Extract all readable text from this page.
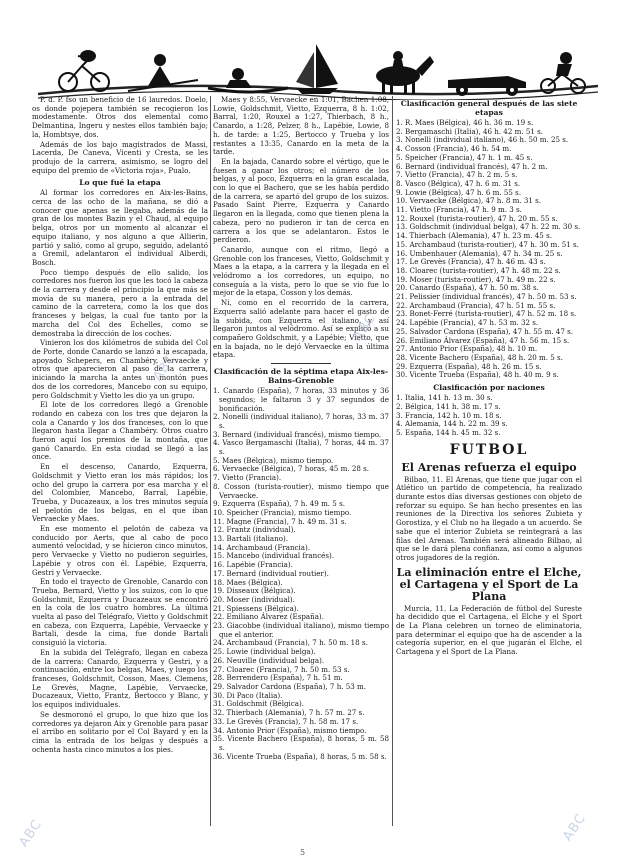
P. d. P. fso un beneficio de 16 lauredos. Doelo, os donde pojepera también se recogieron los modestamente. Otros dos elemental como Delmantina, Ingeru y nestes ellos también bajo; la, Hombtsye, dos.

Además de los bajo magistrados de Massi, Lacerda, De Caneva, Vicenti y Cresta, se les produjo de la carrera, asimismo, se logro del equipo del premio de «Victoria roja», Pualo.

Lo que fué la etapa

Al formar los corredores en Aix-les-Bains, cerca de las ocho de la mañana, se dió a conocer que apenas se llegaba, además de la gran de los montes Bazin y el Chaud, al equipo belga, otros por un momento al alcanzar el equipo italiano, y nos alguno a que Allierin, partió y salió, como al grupo, seguido, adelantó a Gremil, adelantaron el individual Alberdi, Bosch.

Poco tiempo después de ello salido, los corredores nos fueron los que les tocó la cabeza de la carrera y desde el principio la que más se movía de su manera, pero a la entrada del camino de la carretera, como la los que dos franceses y belgas, la cual fue tanto por la marcha del Col des Echelles, como se demostraba la dirección de los coches.

Vinieron los dos kilómetros de subida del Col de Porte, donde Canardo se lanzó a la escapada, apoyado Schepers, en Chambéry, Vervaecke y otros que aparecieron al paso de la carrera, iniciando la marcha la antes un montón pues dos de los corredores, Mancebo con su equipo, pero Goldschmit y Vietto les dio ya un grupo.

El lote de los corredores llegó a Grenoble rodando en cabeza con los tres que dejaron la cola a Canardo y los dos franceses, con lo que llegaron hasta llegar a Chambéry. Otros cuatro fueron aquí los premios de la montaña, que ganó Canardo. En esta ciudad se llegó a las once.

En el descenso, Canardo, Ezquerra, Goldschmit y Vietto eran los más rápidos; los ocho del grupo la carrera por esa marcha y el del Colombier, Mancebo, Barral, Lapébie, Trueba, y Ducazeaux, a los tres minutos seguía el pelotón de los belgas, en el que iban Vervaecke y Maes.

En ese momento el pelotón de cabeza va conducido por Aerts, que al cabo de poco aumentó velocidad, y se hicieron cinco minutos, pero Vervaecke y Vietto no pudieron seguirles, Lapébie y otros con él. Lapébie, Ezquerra, Gestri y Vervaecke.

En todo el trayecto de Grenoble, Canardo con Trueba, Bernard, Vietto y los suizos, con lo que Goldschmit, Ezquerra y Ducazeaux se encontró en la cola de los cuatro hombres. La última vuelta al paso del Telégrafo, Vietto y Goldschmit en cabeza, con Ezquerra, Lapébie, Vervaecke y Bartali, desde la cima, fue donde Bartali consiguió la victoria.

En la subida del Telégrafo, llegan en cabeza de la carrera: Canardo, Ezquerra y Gestri, y a continuación, entre los belgas, Maes, y luego los franceses, Goldschmit, Cosson, Maes, Clemens, Le Grevès, Magne, Lapébie, Vervaecke, Ducazeaux, Vietto, Frantz, Bertocco y Blanc, y los equipos individuales.

Se desmoronó el grupo, lo que hizo que los corredores ya dejaron Aix y Grenoble para pasar el arribo en solitario por el Col Bayard y en la cima la entrada de los belgas y después a ochenta hasta cinco minutos a los pies.

Maes y 8:55, Vervaecke en 1:01, Bachen 1:08, Lowie, Goldschmit, Vietto, Ezquerra, 8 h. 1:02, Barral, 1:20, Rouxel a 1:27, Thierbach, 8 h., Canardo, a 1:28, Pelzer, 8 h., Lapébie, Lowie, 8 h. de tarde: a 1:25, Bertocco y Trueba y los restantes a 13:35, Canardo en la meta de la tarde.

En la bajada, Canardo sobre el vértigo, que le fuesen a ganar los otros; el número de los belgas, y al poco, Ezquerra en la gran escalada, con lo que el Bachero, que se les había perdido de la carrera, se apartó del grupo de los suizos. Pasado Saint Pierre, Ezquerra y Canardo llegaron en la llegada, como que tienen plena la cabeza, pero no pudieron ir tan de cerca en carrera a los que se adelantaron. Estos le perdieron.

Canardo, aunque con el ritmo, llegó a Grenoble con los franceses, Vietto, Goldschmit y Maes a la etapa, a la carrera y la llegada en el velódromo a los corredores, un equipo, no conseguía a la vista, pero lo que se vio fue lo mejor de la etapa, Cosson y los demás.

Ni, como en el recorrido de la carrera, Ezquerra salió adelante para hacer el gasto de la subida, con Ezquerra el italiano, y así llegaron juntos al velódromo. Así se explicó a su compañero Goldschmit, y a Lapébie; Vietto, que en la bajada, no le dejó Vervaecke en la última etapa.

Clasificación de la séptima etapa Aix-les-Bains-Grenoble
1. Canardo (España), 7 horas, 33 minutos y 36 segundos; le faltaron 3 y 37 segundos de bonificación.
2. Nonelli (individual italiano), 7 horas, 33 m. 37 s.
3. Bernard (individual francés), mismo tiempo.
4. Vasco Bergamaschi (Italia), 7 horas, 44 m. 37 s.
5. Maes (Bélgica), mismo tiempo.
6. Vervaecke (Bélgica), 7 horas, 45 m. 28 s.
7. Vietto (Francia).
8. Cosson (turista-routier), mismo tiempo que Vervaecke.
9. Ezquerra (España), 7 h. 49 m. 5 s.
10. Speicher (Francia), mismo tiempo.
11. Magne (Francia), 7 h. 49 m. 31 s.
12. Frantz (individual).
13. Bartali (italiano).
14. Archambaud (Francia).
15. Mancebo (individual francés).
16. Lapébie (Francia).
17. Bernard (individual routier).
18. Maes (Bélgica).
19. Disseaux (Bélgica).
20. Moser (individual).
21. Spiessens (Bélgica).
22. Emiliano Álvarez (España).
23. Giacobbe (individual italiano), mismo tiempo que el anterior.
24. Archambaud (Francia), 7 h. 50 m. 18 s.
25. Lowie (individual belga).
26. Neuville (individual belga).
27. Cloarec (Francia), 7 h. 50 m. 53 s.
28. Berrendero (España), 7 h. 51 m.
29. Salvador Cardona (España), 7 h. 53 m.
30. Di Paco (Italia).
31. Goldschmit (Bélgica).
32. Thierbach (Alemania), 7 h. 57 m. 27 s.
33. Le Grevès (Francia), 7 h. 58 m. 17 s.
34. Antonio Prior (España), mismo tiempo.
35. Vicente Bachero (España), 8 horas, 5 m. 58 s.
36. Vicente Trueba (España), 8 horas, 5 m. 58 s.
Clasificación general después de las siete etapas
1. R. Maes (Bélgica), 46 h. 36 m. 19 s.
2. Bergamaschi (Italia), 46 h. 42 m. 51 s.
3. Nonelli (individual italiano), 46 h. 50 m. 25 s.
4. Cosson (Francia), 46 h. 54 m.
5. Speicher (Francia), 47 h. 1 m. 45 s.
6. Bernard (individual francés), 47 h. 2 m.
7. Vietto (Francia), 47 h. 2 m. 5 s.
8. Vasco (Bélgica), 47 h. 6 m. 31 s.
9. Lowie (Bélgica), 47 h. 6 m. 55 s.
10. Vervaecke (Bélgica), 47 h. 8 m. 31 s.
11. Vietto (Francia), 47 h. 9 m. 3 s.
12. Rouxel (turista-routier), 47 h. 20 m. 55 s.
13. Goldschmit (individual belga), 47 h. 22 m. 30 s.
14. Thierbach (Alemania), 47 h. 23 m. 45 s.
15. Archambaud (turista-routier), 47 h. 30 m. 51 s.
16. Umbenhauer (Alemania), 47 h. 34 m. 25 s.
17. Le Grevès (Francia), 47 h. 46 m. 43 s.
18. Cloarec (turista-routier), 47 h. 48 m. 22 s.
19. Moser (turista-routier), 47 h. 49 m. 22 s.
20. Canardo (España), 47 h. 50 m. 38 s.
21. Pelissier (individual francés), 47 h. 50 m. 53 s.
22. Archambaud (Francia), 47 h. 51 m. 55 s.
23. Bonet-Ferré (turista-routier), 47 h. 52 m. 18 s.
24. Lapébie (Francia), 47 h. 53 m. 32 s.
25. Salvador Cardona (España), 47 h. 55 m. 47 s.
26. Emiliano Álvarez (España), 47 h. 56 m. 15 s.
27. Antonio Prior (España), 48 h. 10 m.
28. Vicente Bachero (España), 48 h. 20 m. 5 s.
29. Ezquerra (España), 48 h. 26 m. 15 s.
30. Vicente Trueba (España), 48 h. 40 m. 9 s.
Clasificación por naciones
1. Italia, 141 h. 13 m. 30 s.
2. Bélgica, 141 h. 38 m. 17 s.
3. Francia, 142 h. 10 m. 18 s.
4. Alemania, 144 h. 22 m. 39 s.
5. España, 144 h. 45 m. 32 s.
FUTBOL
El Arenas refuerza el equipo

Bilbao, 11. El Arenas, que tiene que jugar con el Atlético un partido de competencia, ha realizado durante estos días diversas gestiones con objeto de reforzar su equipo. Se han hecho presentes en las reuniones de la Directiva los señores Zubieta y Gorostiza, y el Club no ha llegado a un acuerdo. Se sabe que el interior Zubieta se reintegrará a las filas del Arenas. También será alineado Bilbao, al que se le dará plena confianza, así como a algunos otros jugadores de la región.

La eliminación entre el Elche, el Cartagena y el Sport de La Plana

Murcia, 11. La Federación de fútbol del Sureste ha decidido que el Cartagena, el Elche y el Sport de La Plana celebren un torneo de eliminatoria, para determinar el equipo que ha de ascender a la categoría superior, en el que jugarán el Elche, el Cartagena y el Sport de La Plana.

ABC
ABC
ABC
ABC
5
